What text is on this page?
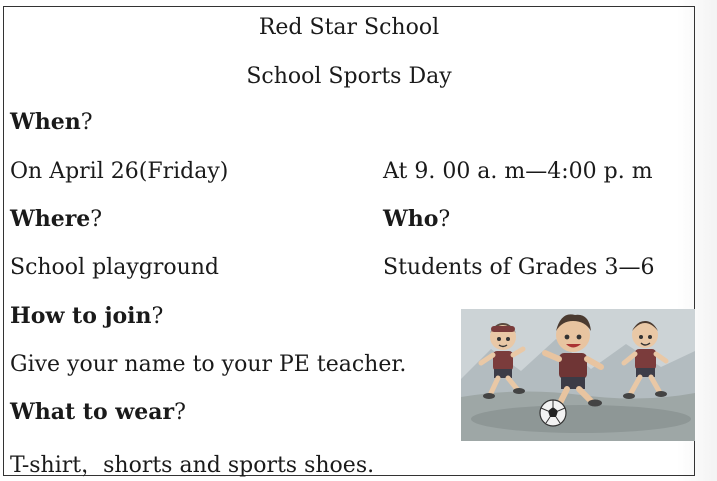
Red Star School
School Sports Day
When?
On April 26(Friday)	At 9. 00 a. m—4:00 p. m
Where?	Who?
School playground	Students of Grades 3—6
How to join?
Give your name to your PE teacher.
What to wear?
T-shirt，shorts and sports shoes.
